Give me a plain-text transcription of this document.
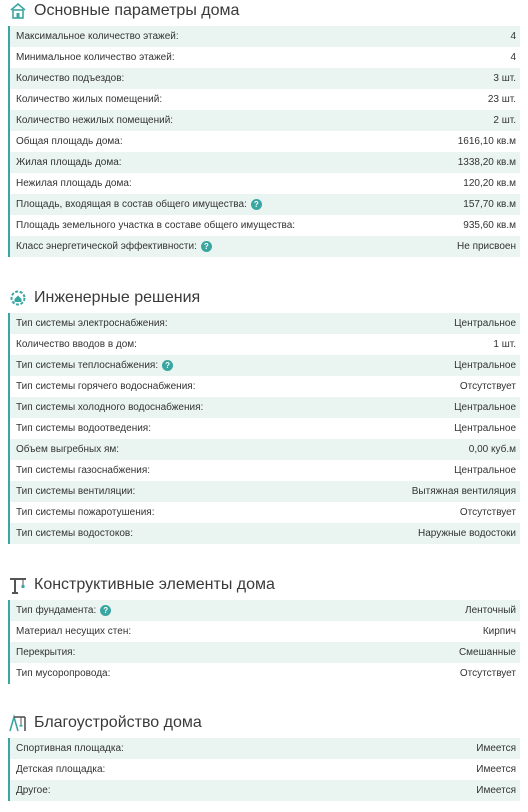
Основные параметры дома
Максимальное количество этажей:	4
Минимальное количество этажей:	4
Количество подъездов:	3 шт.
Количество жилых помещений:	23 шт.
Количество нежилых помещений:	2 шт.
Общая площадь дома:	1616,10 кв.м
Жилая площадь дома:	1338,20 кв.м
Нежилая площадь дома:	120,20 кв.м
Площадь, входящая в состав общего имущества: ?	157,70 кв.м
Площадь земельного участка в составе общего имущества:	935,60 кв.м
Класс энергетической эффективности: ?	Не присвоен
Инженерные решения
Тип системы электроснабжения:	Центральное
Количество вводов в дом:	1 шт.
Тип системы теплоснабжения: ?	Центральное
Тип системы горячего водоснабжения:	Отсутствует
Тип системы холодного водоснабжения:	Центральное
Тип системы водоотведения:	Центральное
Объем выгребных ям:	0,00 куб.м
Тип системы газоснабжения:	Центральное
Тип системы вентиляции:	Вытяжная вентиляция
Тип системы пожаротушения:	Отсутствует
Тип системы водостоков:	Наружные водостоки
Конструктивные элементы дома
Тип фундамента: ?	Ленточный
Материал несущих стен:	Кирпич
Перекрытия:	Смешанные
Тип мусоропровода:	Отсутствует
Благоустройство дома
Спортивная площадка:	Имеется
Детская площадка:	Имеется
Другое:	Имеется
